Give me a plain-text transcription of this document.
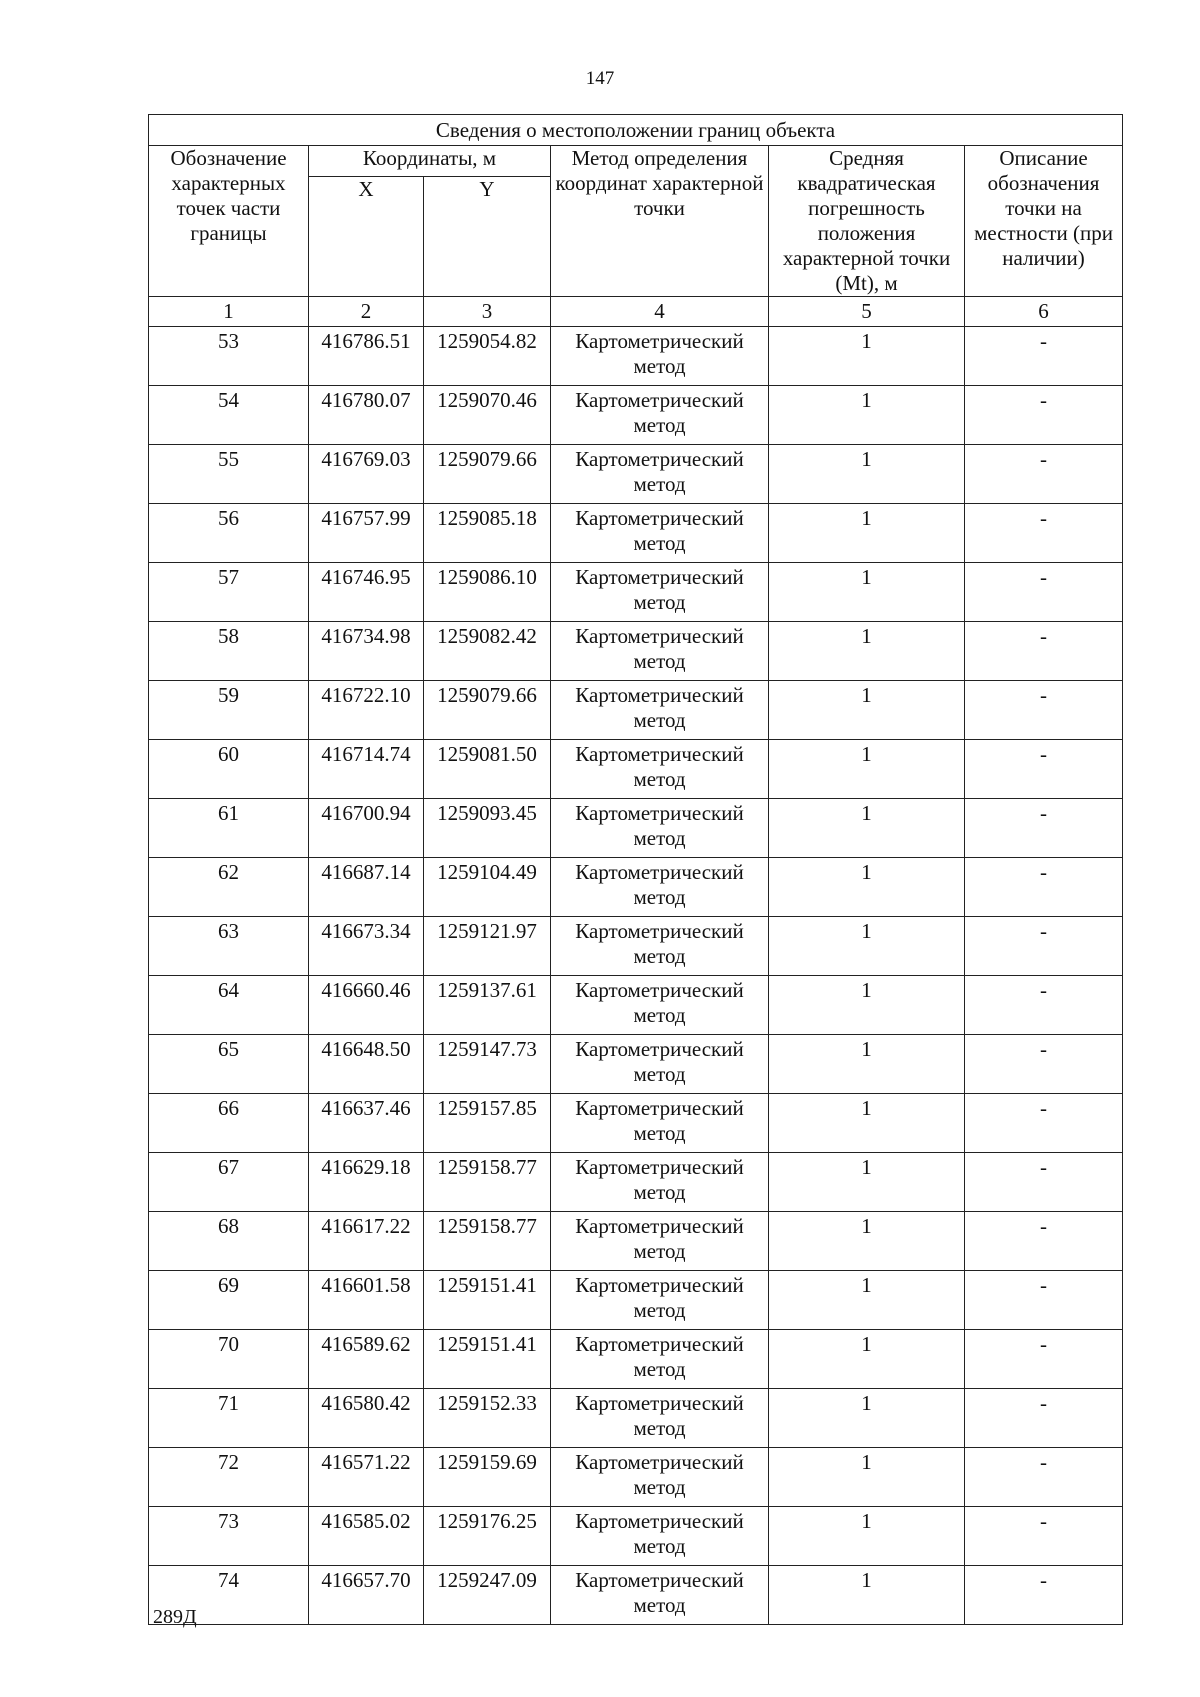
147
Сведения о местоположении границ объекта					
Обозначение характерных точек части границы	Координаты, м		Метод определения координат характерной точки	Средняя квадратическая погрешность положения характерной точки (Mt), м	Описание обозначения точки на местности (при наличии)
	X	Y			
1	2	3	4	5	6
53	416786.51	1259054.82	Картометрический метод	1	-
54	416780.07	1259070.46	Картометрический метод	1	-
55	416769.03	1259079.66	Картометрический метод	1	-
56	416757.99	1259085.18	Картометрический метод	1	-
57	416746.95	1259086.10	Картометрический метод	1	-
58	416734.98	1259082.42	Картометрический метод	1	-
59	416722.10	1259079.66	Картометрический метод	1	-
60	416714.74	1259081.50	Картометрический метод	1	-
61	416700.94	1259093.45	Картометрический метод	1	-
62	416687.14	1259104.49	Картометрический метод	1	-
63	416673.34	1259121.97	Картометрический метод	1	-
64	416660.46	1259137.61	Картометрический метод	1	-
65	416648.50	1259147.73	Картометрический метод	1	-
66	416637.46	1259157.85	Картометрический метод	1	-
67	416629.18	1259158.77	Картометрический метод	1	-
68	416617.22	1259158.77	Картометрический метод	1	-
69	416601.58	1259151.41	Картометрический метод	1	-
70	416589.62	1259151.41	Картометрический метод	1	-
71	416580.42	1259152.33	Картометрический метод	1	-
72	416571.22	1259159.69	Картометрический метод	1	-
73	416585.02	1259176.25	Картометрический метод	1	-
74	416657.70	1259247.09	Картометрический метод	1	-
289Д
